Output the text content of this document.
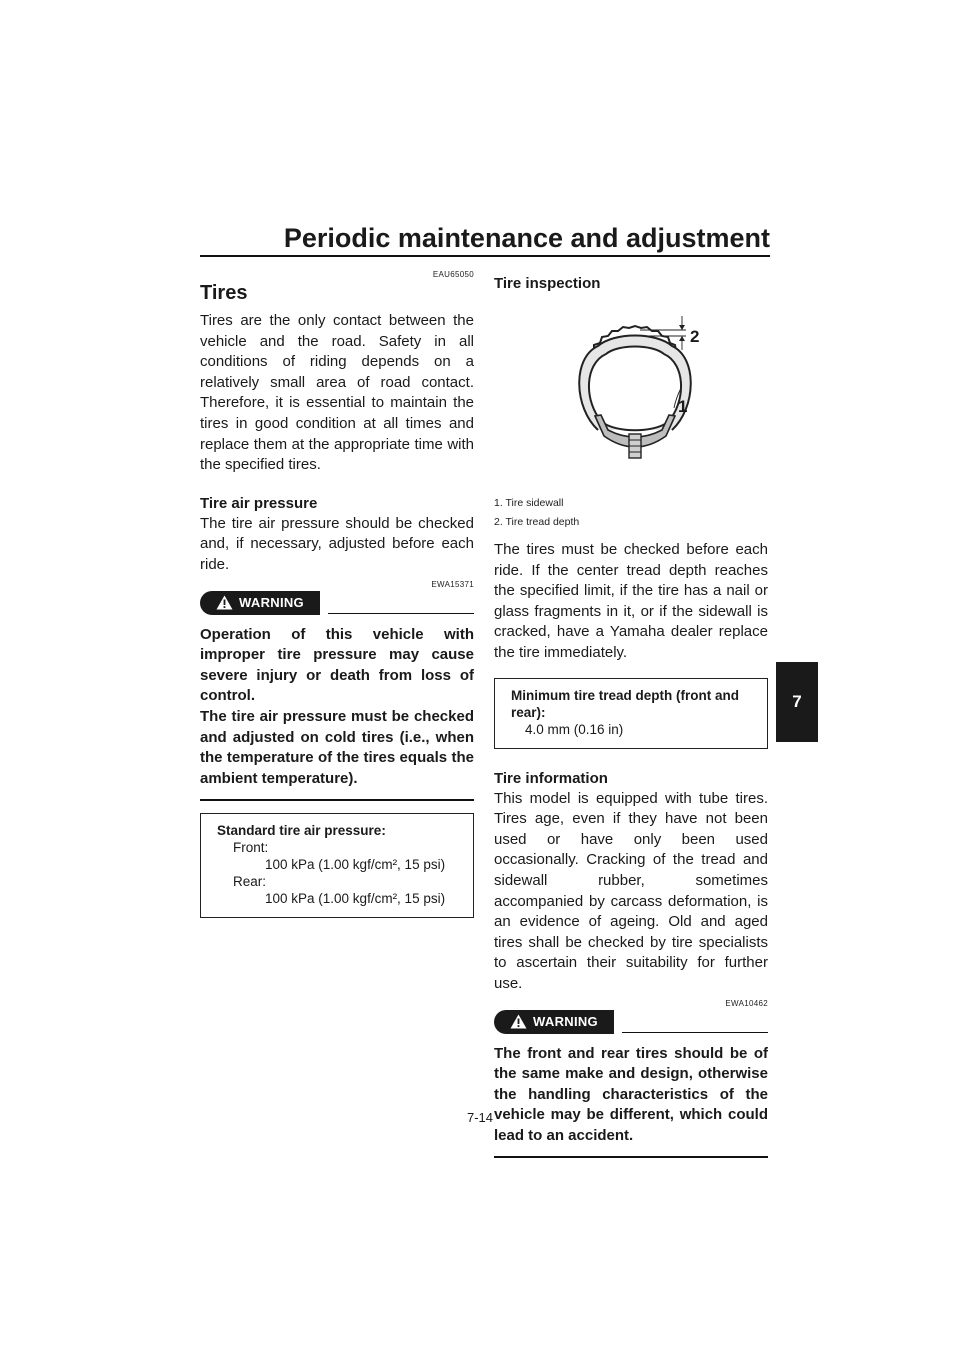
Periodic maintenance and adjustment
EAU65050
Tires

Tires are the only contact between the vehicle and the road. Safety in all conditions of riding depends on a relatively small area of road contact. Therefore, it is essential to maintain the tires in good condition at all times and replace them at the appropriate time with the specified tires.

Tire air pressure

The tire air pressure should be checked and, if necessary, adjusted before each ride.

EWA15371
WARNING

Operation of this vehicle with improper tire pressure may cause severe injury or death from loss of control.

The tire air pressure must be checked and adjusted on cold tires (i.e., when the temperature of the tires equals the ambient temperature).

Standard tire air pressure:
Front:
100 kPa (1.00 kgf/cm², 15 psi)
Rear:
100 kPa (1.00 kgf/cm², 15 psi)
Tire inspection
2
1
1. Tire sidewall
2. Tire tread depth

The tires must be checked before each ride. If the center tread depth reaches the specified limit, if the tire has a nail or glass fragments in it, or if the sidewall is cracked, have a Yamaha dealer replace the tire immediately.

Minimum tire tread depth (front and rear):
4.0 mm (0.16 in)
Tire information

This model is equipped with tube tires. Tires age, even if they have not been used or have only been used occasionally. Cracking of the tread and sidewall rubber, sometimes accompanied by carcass deformation, is an evidence of ageing. Old and aged tires shall be checked by tire specialists to ascertain their suitability for further use.

EWA10462
WARNING

The front and rear tires should be of the same make and design, otherwise the handling characteristics of the vehicle may be different, which could lead to an accident.

7
7-14
